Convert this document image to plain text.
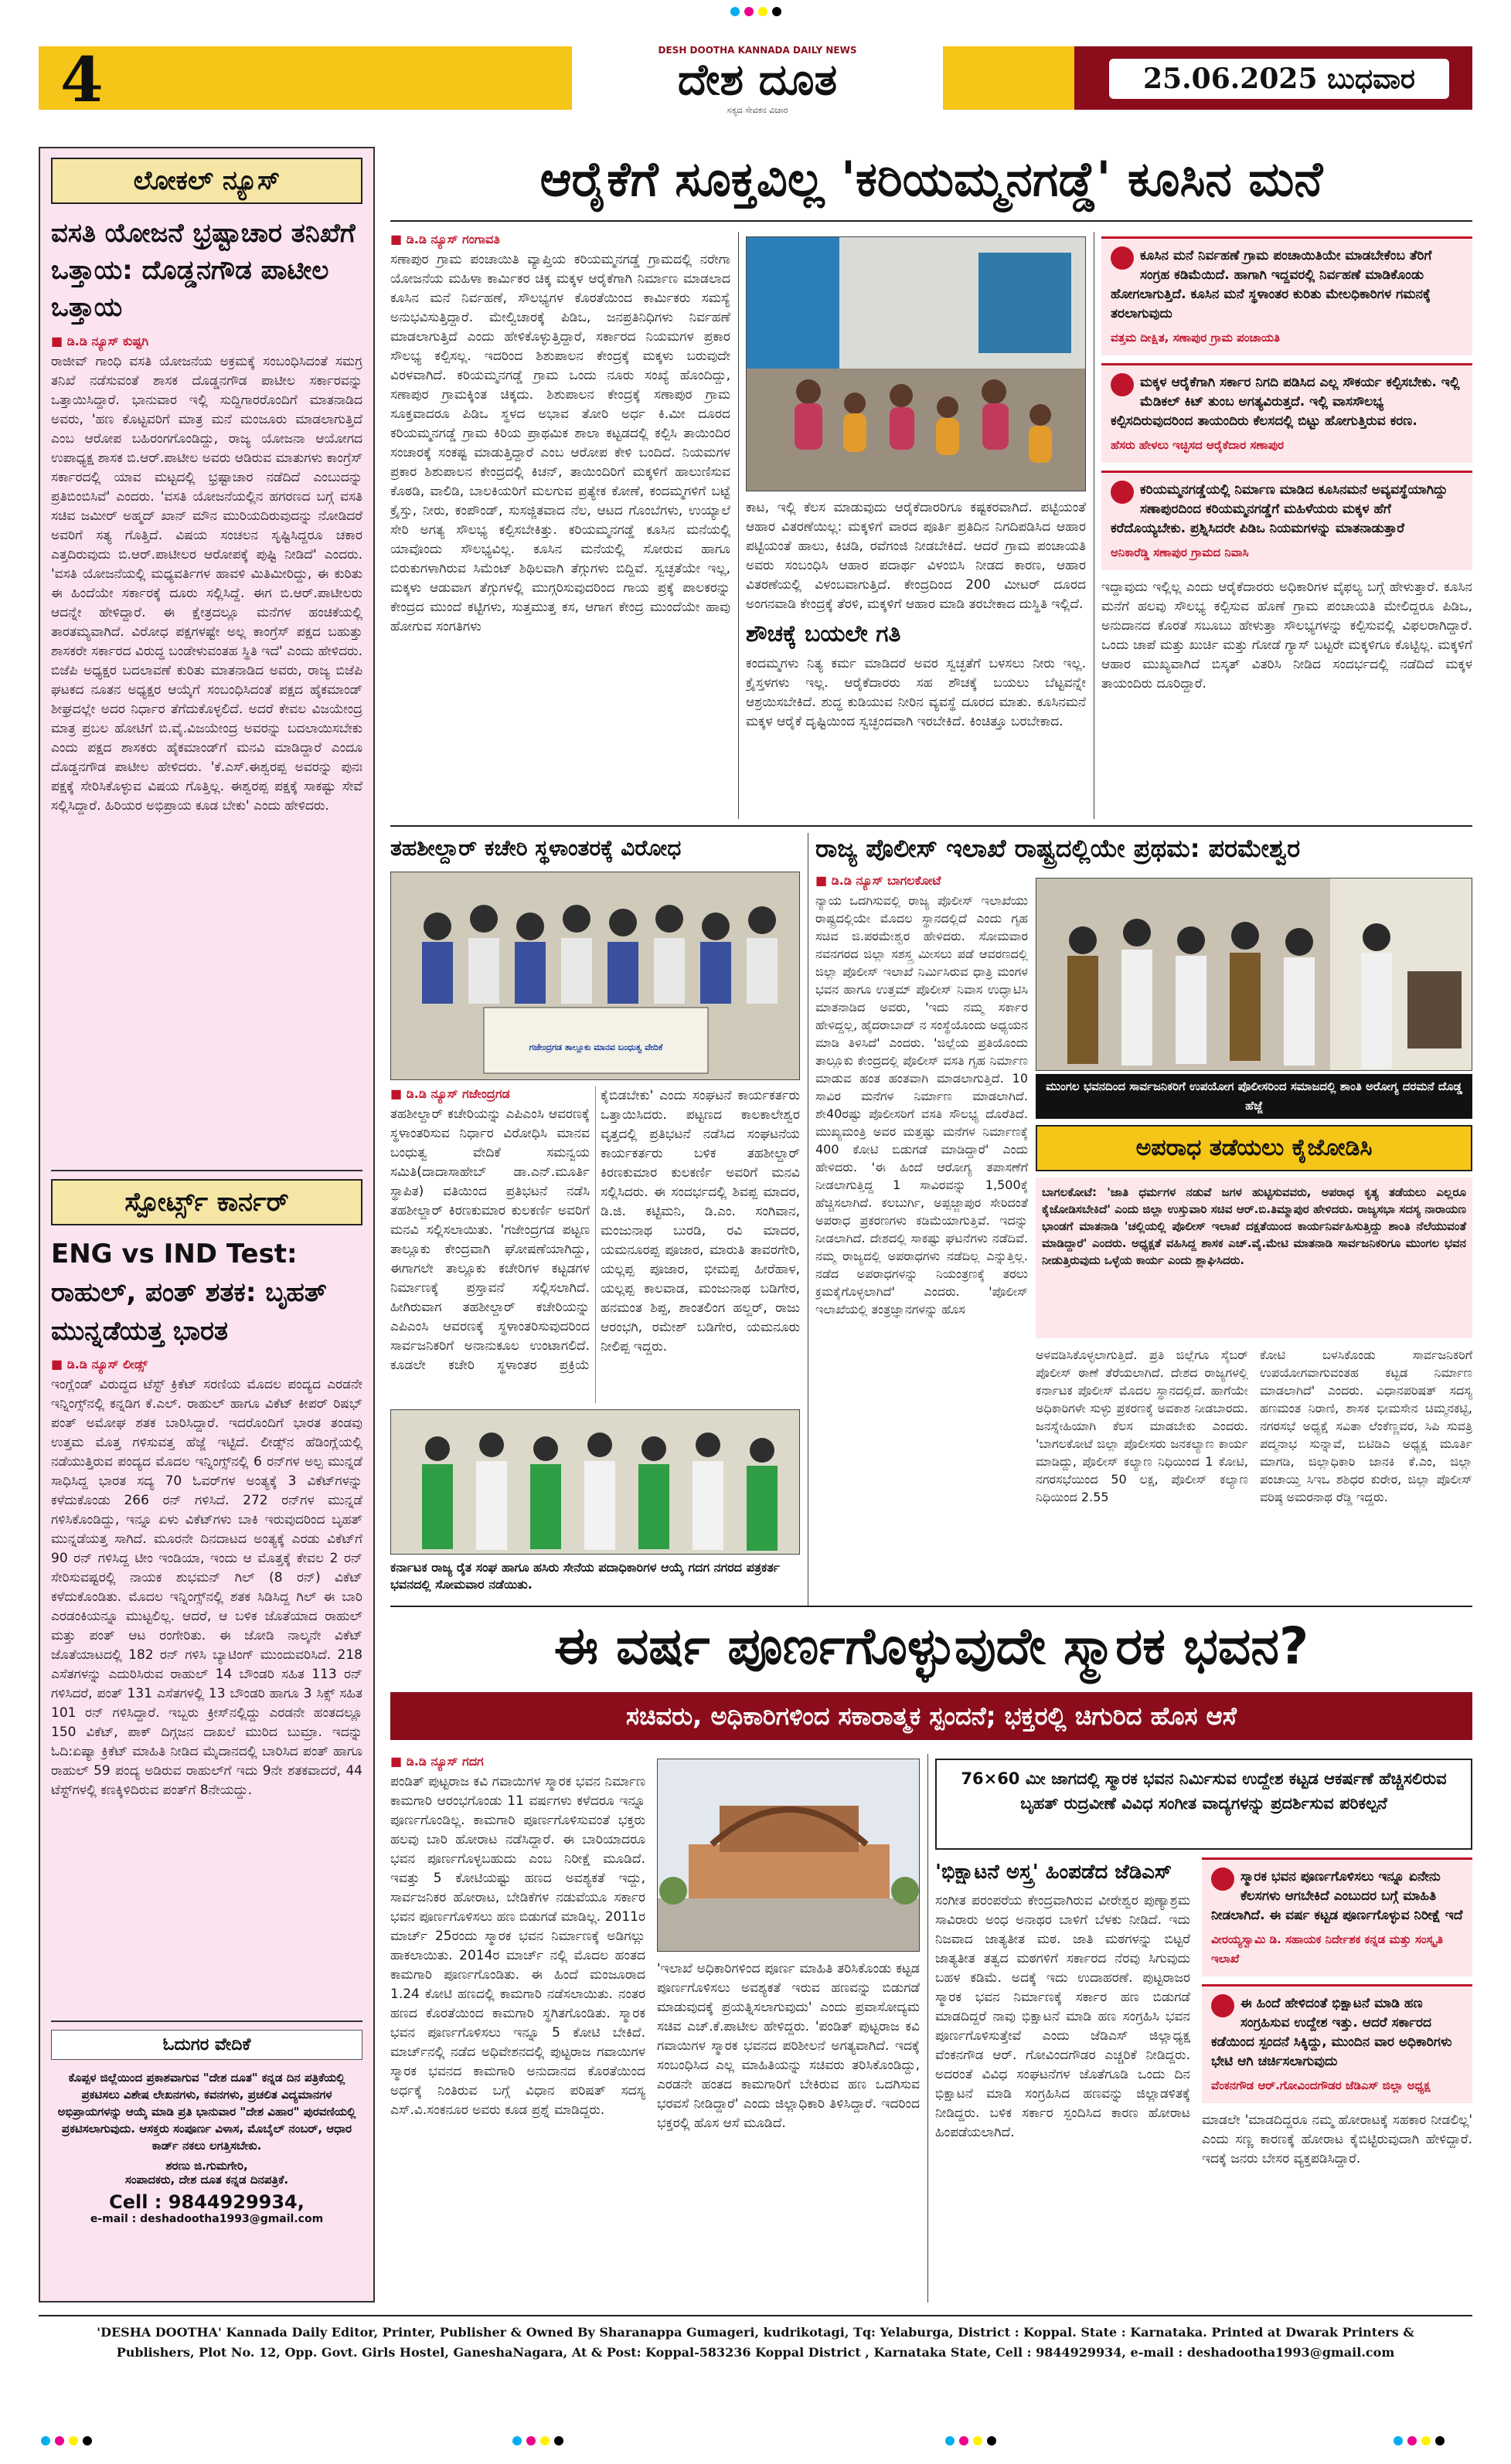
4	DESH DOOTHA KANNADA DAILY NEWS
ದೇಶ ದೂತ
ಸತ್ಯದ ಸೇವಕನ ವಿಚಾರ
25.06.2025 ಬುಧವಾರ
ಲೋಕಲ್ ನ್ಯೂಸ್
ವಸತಿ ಯೋಜನೆ ಭ್ರಷ್ಟಾಚಾರ ತನಿಖೆಗೆ ಒತ್ತಾಯ: ದೊಡ್ಡನಗೌಡ ಪಾಟೀಲ ಒತ್ತಾಯ
■ ಡಿ.ಡಿ ನ್ಯೂಸ್ ಕುಷ್ಟಗಿ
ರಾಜೀವ್ ಗಾಂಧಿ ವಸತಿ ಯೋಜನೆಯ ಅಕ್ರಮಕ್ಕೆ ಸಂಬಂಧಿಸಿದಂತೆ ಸಮಗ್ರ ತನಿಖೆ ನಡೆಸುವಂತೆ ಶಾಸಕ ದೊಡ್ಡನಗೌಡ ಪಾಟೀಲ ಸರ್ಕಾರವನ್ನು ಒತ್ತಾಯಿಸಿದ್ದಾರೆ. ಭಾನುವಾರ ಇಲ್ಲಿ ಸುದ್ದಿಗಾರರೊಂದಿಗೆ ಮಾತನಾಡಿದ ಅವರು, 'ಹಣ ಕೊಟ್ಟವರಿಗೆ ಮಾತ್ರ ಮನೆ ಮಂಜೂರು ಮಾಡಲಾಗುತ್ತಿದೆ ಎಂಬ ಆರೋಪ ಬಹಿರಂಗಗೊಂಡಿದ್ದು, ರಾಜ್ಯ ಯೋಜನಾ ಆಯೋಗದ ಉಪಾಧ್ಯಕ್ಷ ಶಾಸಕ ಬಿ.ಆರ್.ಪಾಟೀಲ ಅವರು ಆಡಿರುವ ಮಾತುಗಳು ಕಾಂಗ್ರೆಸ್ ಸರ್ಕಾರದಲ್ಲಿ ಯಾವ ಮಟ್ಟದಲ್ಲಿ ಭ್ರಷ್ಟಾಚಾರ ನಡೆದಿದೆ ಎಂಬುದನ್ನು ಪ್ರತಿಬಿಂಬಿಸಿವೆ' ಎಂದರು. 'ವಸತಿ ಯೋಜನೆಯಲ್ಲಿನ ಹಗರಣದ ಬಗ್ಗೆ ವಸತಿ ಸಚಿವ ಜಮೀರ್ ಅಹ್ಮದ್ ಖಾನ್ ಮೌನ ಮುರಿಯದಿರುವುದನ್ನು ನೋಡಿದರೆ ಅವರಿಗೆ ಸತ್ಯ ಗೊತ್ತಿದೆ. ವಿಷಯ ಸಂಚಲನ ಸೃಷ್ಟಿಸಿದ್ದರೂ ಚಕಾರ ಎತ್ತದಿರುವುದು ಬಿ.ಆರ್.ಪಾಟೀಲರ ಆರೋಪಕ್ಕೆ ಪುಷ್ಟಿ ನೀಡಿದೆ' ಎಂದರು. 'ವಸತಿ ಯೋಜನೆಯಲ್ಲಿ ಮಧ್ಯವರ್ತಿಗಳ ಹಾವಳಿ ಮಿತಿಮೀರಿದ್ದು, ಈ ಕುರಿತು ಈ ಹಿಂದೆಯೇ ಸರ್ಕಾರಕ್ಕೆ ದೂರು ಸಲ್ಲಿಸಿದ್ದೆ. ಈಗ ಬಿ.ಆರ್.ಪಾಟೀಲರು ಆದನ್ನೇ ಹೇಳಿದ್ದಾರೆ. ಈ ಕ್ಷೇತ್ರದಲ್ಲೂ ಮನೆಗಳ ಹಂಚಿಕೆಯಲ್ಲಿ ತಾರತಮ್ಯವಾಗಿದೆ. ವಿರೋಧ ಪಕ್ಷಗಳಷ್ಟೇ ಅಲ್ಲ ಕಾಂಗ್ರೆಸ್ ಪಕ್ಷದ ಬಹುತ್ತು ಶಾಸಕರೇ ಸರ್ಕಾರದ ವಿರುದ್ಧ ಬಂಡೇಳುವಂತಹ ಸ್ಥಿತಿ ಇದೆ' ಎಂದು ಹೇಳಿದರು. ಬಿಜೆಪಿ ಅಧ್ಯಕ್ಷರ ಬದಲಾವಣೆ ಕುರಿತು ಮಾತನಾಡಿದ ಅವರು, ರಾಜ್ಯ ಬಿಜೆಪಿ ಘಟಕದ ನೂತನ ಅಧ್ಯಕ್ಷರ ಆಯ್ಕೆಗೆ ಸಂಬಂಧಿಸಿದಂತೆ ಪಕ್ಷದ ಹೈಕಮಾಂಡ್ ಶೀಘ್ರದಲ್ಲೇ ಅದರ ನಿರ್ಧಾರ ತೆಗೆದುಕೊಳ್ಳಲಿದೆ. ಅದರೆ ಕೇವಲ ವಿಜಯೇಂದ್ರ ಮಾತ್ರ ಪ್ರಬಲ ಹೋಟಿಗೆ ಬಿ.ವೈ.ವಿಜಯೇಂದ್ರ ಅವರನ್ನು ಬದಲಾಯಿಸಬೇಕು ಎಂದು ಪಕ್ಷದ ಶಾಸಕರು ಹೈಕಮಾಂಡ್‌ಗೆ ಮನವಿ ಮಾಡಿದ್ದಾರೆ ಎಂದೂ ದೊಡ್ಡನಗೌಡ ಪಾಟೀಲ ಹೇಳಿದರು. 'ಕೆ.ಎಸ್.ಈಶ್ವರಪ್ಪ ಅವರನ್ನು ಪುನಃ ಪಕ್ಷಕ್ಕೆ ಸೇರಿಸಿಕೊಳ್ಳುವ ವಿಷಯ ಗೊತ್ತಿಲ್ಲ. ಈಶ್ವರಪ್ಪ ಪಕ್ಷಕ್ಕೆ ಸಾಕಷ್ಟು ಸೇವೆ ಸಲ್ಲಿಸಿದ್ದಾರೆ. ಹಿರಿಯರ ಅಭಿಪ್ರಾಯ ಕೂಡ ಬೇಕು' ಎಂದು ಹೇಳಿದರು.
ಸ್ಪೋರ್ಟ್ಸ್ ಕಾರ್ನರ್
ENG vs IND Test: ರಾಹುಲ್, ಪಂತ್ ಶತಕ: ಬೃಹತ್ ಮುನ್ನಡೆಯತ್ತ ಭಾರತ
■ ಡಿ.ಡಿ ನ್ಯೂಸ್ ಲೀಡ್ಸ್
ಇಂಗ್ಲೆಂಡ್ ವಿರುದ್ಧದ ಟೆಸ್ಟ್ ಕ್ರಿಕೆಟ್ ಸರಣಿಯ ಮೊದಲ ಪಂದ್ಯದ ಎರಡನೇ ಇನ್ನಿಂಗ್ಸ್‌ನಲ್ಲಿ ಕನ್ನಡಿಗ ಕೆ.ಎಲ್. ರಾಹುಲ್ ಹಾಗೂ ವಿಕೆಟ್ ಕೀಪರ್ ರಿಷಭ್ ಪಂತ್ ಅಮೋಘ ಶತಕ ಬಾರಿಸಿದ್ದಾರೆ. ಇದರೊಂದಿಗೆ ಭಾರತ ತಂಡವು ಉತ್ತಮ ಮೊತ್ತ ಗಳಿಸುವತ್ತ ಹೆಜ್ಜೆ ಇಟ್ಟಿದೆ. ಲೀಡ್ಸ್‌ನ ಹೆಡಿಂಗ್ಲೆಯಲ್ಲಿ ನಡೆಯುತ್ತಿರುವ ಪಂದ್ಯದ ಮೊದಲ ಇನ್ನಿಂಗ್ಸ್‌ನಲ್ಲಿ 6 ರನ್‌ಗಳ ಅಲ್ಪ ಮುನ್ನಡೆ ಸಾಧಿಸಿದ್ದ ಭಾರತ ಸದ್ಯ 70 ಓವರ್‌ಗಳ ಅಂತ್ಯಕ್ಕೆ 3 ವಿಕೆಟ್‌ಗಳನ್ನು ಕಳೆದುಕೊಂಡು 266 ರನ್ ಗಳಿಸಿದೆ. 272 ರನ್‌ಗಳ ಮುನ್ನಡೆ ಗಳಿಸಿಕೊಂಡಿದ್ದು, ಇನ್ನೂ ಏಳು ವಿಕೆಟ್‌ಗಳು ಬಾಕಿ ಇರುವುದರಿಂದ ಬೃಹತ್ ಮುನ್ನಡೆಯತ್ತ ಸಾಗಿದೆ. ಮೂರನೇ ದಿನದಾಟದ ಅಂತ್ಯಕ್ಕೆ ಎರಡು ವಿಕೆಟ್‌ಗೆ 90 ರನ್ ಗಳಿಸಿದ್ದ ಟೀಂ ಇಂಡಿಯಾ, ಇಂದು ಆ ಮೊತ್ತಕ್ಕೆ ಕೇವಲ 2 ರನ್ ಸೇರಿಸುವಷ್ಟರಲ್ಲಿ ನಾಯಕ ಶುಭಮನ್ ಗಿಲ್ (8 ರನ್) ವಿಕೆಟ್ ಕಳೆದುಕೊಂಡಿತು. ಮೊದಲ ಇನ್ನಿಂಗ್ಸ್‌ನಲ್ಲಿ ಶತಕ ಸಿಡಿಸಿದ್ದ ಗಿಲ್ ಈ ಬಾರಿ ಎರಡಂಕಿಯನ್ನೂ ಮುಟ್ಟಲಿಲ್ಲ. ಆದರೆ, ಆ ಬಳಿಕ ಜೊತೆಯಾದ ರಾಹುಲ್ ಮತ್ತು ಪಂತ್ ಆಟ ರಂಗೇರಿತು. ಈ ಜೋಡಿ ನಾಲ್ಕನೇ ವಿಕೆಟ್ ಜೊತೆಯಾಟದಲ್ಲಿ 182 ರನ್ ಗಳಿಸಿ ಬ್ಯಾಟಿಂಗ್ ಮುಂದುವರಿಸಿದೆ. 218 ಎಸೆತಗಳನ್ನು ಎದುರಿಸಿರುವ ರಾಹುಲ್ 14 ಬೌಂಡರಿ ಸಹಿತ 113 ರನ್ ಗಳಿಸಿದರೆ, ಪಂತ್ 131 ಎಸೆತಗಳಲ್ಲಿ 13 ಬೌಂಡರಿ ಹಾಗೂ 3 ಸಿಕ್ಸ್ ಸಹಿತ 101 ರನ್ ಗಳಿಸಿದ್ದಾರೆ. ಇಬ್ಬರು ಕ್ರೀಸ್‌ನಲ್ಲಿದ್ದು ಎರಡನೇ ಹಂತದಲ್ಲೂ 150 ವಿಕೆಟ್, ಪಾಕ್ ದಿಗ್ಗಜನ ದಾಖಲೆ ಮುರಿದ ಬುಮ್ರಾ. ಇದನ್ನು ಓದಿ:ಏಷ್ಯಾ ಕ್ರಿಕೆಟ್ ಮಾಹಿತಿ ನೀಡಿದ ಮೈದಾನದಲ್ಲಿ ಬಾರಿಸಿದ ಪಂತ್ ಹಾಗೂ ರಾಹುಲ್ 59 ಪಂದ್ಯ ಅಡಿರುವ ರಾಹುಲ್‌ಗೆ ಇದು 9ನೇ ಶತಕವಾದರೆ, 44 ಟೆಸ್ಟ್‌ಗಳಲ್ಲಿ ಕಣಕ್ಕಿಳಿದಿರುವ ಪಂತ್‌ಗೆ 8ನೇಯದ್ದು.
ಓದುಗರ ವೇದಿಕೆ
ಕೊಪ್ಪಳ ಜಿಲ್ಲೆಯಿಂದ ಪ್ರಕಾಶವಾಗುವ "ದೇಶ ದೂತ" ಕನ್ನಡ ದಿನ ಪತ್ರಿಕೆಯಲ್ಲಿ ಪ್ರಕಟಿಸಲು ವಿಶೇಷ ಲೇಖನಗಳು, ಕವನಗಳು, ಪ್ರಚಲಿತ ವಿದ್ಯಮಾನಗಳ ಅಭಿಪ್ರಾಯಗಳನ್ನು ಆಯ್ಕೆ ಮಾಡಿ ಪ್ರತಿ ಭಾನುವಾರ "ದೇಶ ವಿಹಾರ" ಪುರವಣಿಯಲ್ಲಿ ಪ್ರಕಟಿಸಲಾಗುವುದು. ಆಸಕ್ತರು ಸಂಪೂರ್ಣ ವಿಳಾಸ, ಮೊಬೈಲ್ ನಂಬರ್, ಆಧಾರ ಕಾರ್ಡ್ ನಕಲು ಲಗತ್ತಿಸಬೇಕು.
ಶರಣು ಜಿ.ಗುಮಗೇರಿ,
ಸಂಪಾದಕರು, ದೇಶ ದೂತ ಕನ್ನಡ ದಿನಪತ್ರಿಕೆ.
Cell : 9844929934,
e-mail : deshadootha1993@gmail.com
ಆರೈಕೆಗೆ ಸೂಕ್ತವಿಲ್ಲ 'ಕರಿಯಮ್ಮನಗಡ್ಡೆ' ಕೂಸಿನ ಮನೆ
■ ಡಿ.ಡಿ ನ್ಯೂಸ್ ಗಂಗಾವತಿ
ಸಣಾಪುರ ಗ್ರಾಮ ಪಂಚಾಯಿತಿ ವ್ಯಾಪ್ತಿಯ ಕರಿಯಮ್ಮನಗಡ್ಡೆ ಗ್ರಾಮದಲ್ಲಿ ನರೇಗಾ ಯೋಜನೆಯ ಮಹಿಳಾ ಕಾರ್ಮಿಕರ ಚಿಕ್ಕ ಮಕ್ಕಳ ಆರೈಕೆಗಾಗಿ ನಿರ್ಮಾಣ ಮಾಡಲಾದ ಕೂಸಿನ ಮನೆ ನಿರ್ವಹಣೆ, ಸೌಲಭ್ಯಗಳ ಕೊರತೆಯಿಂದ ಕಾರ್ಮಿಕರು ಸಮಸ್ಯೆ ಅನುಭವಿಸುತ್ತಿದ್ದಾರೆ. ಮೇಲ್ವಿಚಾರಕ್ಕೆ ಪಿಡಿಒ, ಜನಪ್ರತಿನಿಧಿಗಳು ನಿರ್ವಹಣೆ ಮಾಡಲಾಗುತ್ತಿದೆ ಎಂದು ಹೇಳಿಕೊಳ್ಳುತ್ತಿದ್ದಾರೆ, ಸರ್ಕಾರದ ನಿಯಮಗಳ ಪ್ರಕಾರ ಸೌಲಭ್ಯ ಕಲ್ಪಿಸಲ್ಲ. ಇದರಿಂದ ಶಿಶುಪಾಲನ ಕೇಂದ್ರಕ್ಕೆ ಮಕ್ಕಳು ಬರುವುದೇ ವಿರಳವಾಗಿದೆ. ಕರಿಯಮ್ಮನಗಡ್ಡೆ ಗ್ರಾಮ ಒಂದು ನೂರು ಸಂಖ್ಯೆ ಹೊಂದಿದ್ದು, ಸಣಾಪುರ ಗ್ರಾಮಕ್ಕಿಂತ ಚಿಕ್ಕದು. ಶಿಶುಪಾಲನ ಕೇಂದ್ರಕ್ಕೆ ಸಣಾಪುರ ಗ್ರಾಮ ಸೂಕ್ತವಾದರೂ ಪಿಡಿಒ ಸ್ಥಳದ ಅಭಾವ ತೋರಿ ಅರ್ಧ ಕಿ.ಮೀ ದೂರದ ಕರಿಯಮ್ಮನಗಡ್ಡೆ ಗ್ರಾಮ ಕಿರಿಯ ಪ್ರಾಥಮಿಕ ಶಾಲಾ ಕಟ್ಟಡದಲ್ಲಿ ಕಲ್ಪಿಸಿ ತಾಯಿಂದಿರ ಸಂಚಾರಕ್ಕೆ ಸಂಕಷ್ಟ ಮಾಡುತ್ತಿದ್ದಾರೆ ಎಂಬ ಆರೋಪ ಕೇಳಿ ಬಂದಿದೆ. ನಿಯಮಗಳ ಪ್ರಕಾರ ಶಿಶುಪಾಲನ ಕೇಂದ್ರದಲ್ಲಿ ಕಿಚನ್, ತಾಯಿಂದಿರಿಗೆ ಮಕ್ಕಳಿಗೆ ಹಾಲುಣಿಸುವ ಕೊಠಡಿ, ವಾಲಿಡಿ, ಬಾಲಕಿಯರಿಗೆ ಮಲಗುವ ಪ್ರತ್ಯೇಕ ಕೋಣೆ, ಕಂದಮ್ಮಗಳಿಗೆ ಬಟ್ಟೆ ಕ್ರೈಸ್ತು, ನೀರು, ಕಂಪೌಂಡ್, ಸುಸಜ್ಜಿತವಾದ ನೆಲ, ಆಟದ ಗೊಂಬೆಗಳು, ಉಯ್ಯಾಲೆ ಸೇರಿ ಅಗತ್ಯ ಸೌಲಭ್ಯ ಕಲ್ಪಿಸಬೇಕಿತ್ತು. ಕರಿಯಮ್ಮನಗಡ್ಡೆ ಕೂಸಿನ ಮನೆಯಲ್ಲಿ ಯಾವೊಂದು ಸೌಲಭ್ಯವಿಲ್ಲ. ಕೂಸಿನ ಮನೆಯಲ್ಲಿ ಸೋರುವ ಹಾಗೂ ಬಿರುಕುಗಳಾಗಿರುವ ಸಿಮೆಂಟ್ ಶಿಥಿಲವಾಗಿ ತೆಗ್ಗುಗಳು ಬಿದ್ದಿವೆ. ಸ್ವಚ್ಛತೆಯೇ ಇಲ್ಲ, ಮಕ್ಕಳು ಆಡುವಾಗ ತೆಗ್ಗುಗಳಲ್ಲಿ ಮುಗ್ಗರಿಸುವುದರಿಂದ ಗಾಯ ಪ್ರಕ್ಕೆ ಪಾಲಕರನ್ನು ಕೇಂದ್ರದ ಮುಂದೆ ಕಟ್ಟಿಗಳು, ಸುತ್ತಮುತ್ತ ಕಸ, ಆಗಾಗ ಕೇಂದ್ರ ಮುಂದೆಯೇ ಹಾವು ಹೋಗುವ ಸಂಗತಿಗಳು
ಕಾಟ, ಇಲ್ಲಿ ಕೆಲಸ ಮಾಡುವುದು ಆರೈಕೆದಾರರಿಗೂ ಕಷ್ಟಕರವಾಗಿದೆ. ಪಟ್ಟಿಯಂತೆ ಆಹಾರ ವಿತರಣೆಯಿಲ್ಲ: ಮಕ್ಕಳಿಗೆ ವಾರದ ಪೂರ್ತಿ ಪ್ರತಿದಿನ ನಿಗದಿಪಡಿಸಿದ ಆಹಾರ ಪಟ್ಟಿಯಂತೆ ಹಾಲು, ಕಿಚಡಿ, ರವೆಗಂಜಿ ನೀಡಬೇಕಿದೆ. ಆದರೆ ಗ್ರಾಮ ಪಂಚಾಯತಿ ಅವರು ಸಂಬಂಧಿಸಿ ಆಹಾರ ಪದಾರ್ಥ ವಿಳಂಬಿಸಿ ನೀಡದ ಕಾರಣ, ಆಹಾರ ವಿತರಣೆಯಲ್ಲಿ ವಿಳಂಬವಾಗುತ್ತಿದೆ. ಕೇಂದ್ರದಿಂದ 200 ಮೀಟರ್ ದೂರದ ಅಂಗನವಾಡಿ ಕೇಂದ್ರಕ್ಕೆ ತೆರಳಿ, ಮಕ್ಕಳಿಗೆ ಆಹಾರ ಮಾಡಿ ತರಬೇಕಾದ ದುಸ್ಥಿತಿ ಇಲ್ಲಿದೆ.
ಶೌಚಕ್ಕೆ ಬಯಲೇ ಗತಿ
ಕಂದಮ್ಮಗಳು ನಿತ್ಯ ಕರ್ಮ ಮಾಡಿದರೆ ಅವರ ಸ್ವಚ್ಛತೆಗೆ ಬಳಸಲು ನೀರು ಇಲ್ಲ. ಕ್ರೈಸ್ತಳಗಳು ಇಲ್ಲ. ಆರೈಕೆದಾರರು ಸಹ ಶೌಚಕ್ಕೆ ಬಯಲು ಬೆಟ್ಟವನ್ನೇ ಆಶ್ರಯಿಸಬೇಕಿದೆ. ಶುದ್ಧ ಕುಡಿಯುವ ನೀರಿನ ವ್ಯವಸ್ಥೆ ದೂರದ ಮಾತು. ಕೂಸಿನಮನೆ ಮಕ್ಕಳ ಆರೈಕೆ ದೃಷ್ಟಿಯಿಂದ ಸ್ವಚ್ಛಂದವಾಗಿ ಇರಬೇಕಿದೆ. ಕಿಂಚಿತ್ತೂ ಬರಬೇಕಾದ.
ಕೂಸಿನ ಮನೆ ನಿರ್ವಹಣೆ ಗ್ರಾಮ ಪಂಚಾಯಿತಿಯೇ ಮಾಡಬೇಕೆಂಬ ತೆರಿಗೆ ಸಂಗ್ರಹ ಕಡಿಮೆಯಿದೆ. ಹಾಗಾಗಿ ಇದ್ದವರಲ್ಲಿ ನಿರ್ವಹಣೆ ಮಾಡಿಕೊಂಡು ಹೋಗಲಾಗುತ್ತಿದೆ. ಕೂಸಿನ ಮನೆ ಸ್ಥಳಾಂತರ ಕುರಿತು ಮೇಲಧಿಕಾರಿಗಳ ಗಮನಕ್ಕೆ ತರಲಾಗುವುದು
ವತ್ತಮ ದೀಕ್ಷಿತ, ಸಣಾಪುರ ಗ್ರಾಮ ಪಂಚಾಯತಿ
ಮಕ್ಕಳ ಆರೈಕೆಗಾಗಿ ಸರ್ಕಾರ ನಿಗದಿ ಪಡಿಸಿದ ಎಲ್ಲ ಸೌಕರ್ಯ ಕಲ್ಪಿಸಬೇಕು. ಇಲ್ಲಿ ಮೆಡಿಕಲ್ ಕಿಟ್ ತುಂಬ ಅಗತ್ಯವಿರುತ್ತದೆ. ಇಲ್ಲಿ ವಾಸಸೌಲಭ್ಯ ಕಲ್ಪಿಸದಿರುವುದರಿಂದ ತಾಯಂದಿರು ಕೆಲಸದಲ್ಲಿ ಬಿಟ್ಟು ಹೋಗುತ್ತಿರುವ ಕರಣ.
ಹೆಸರು ಹೇಳಲು ಇಚ್ಛಿಸದ ಆರೈಕೆದಾರ ಸಣಾಪುರ
ಕರಿಯಮ್ಮನಗಡ್ಡೆಯಲ್ಲಿ ನಿರ್ಮಾಣ ಮಾಡಿದ ಕೂಸಿನಮನೆ ಅವ್ಯವಸ್ಥೆಯಾಗಿದ್ದು ಸಣಾಪುರದಿಂದ ಕರಿಯಮ್ಮನಗಡ್ಡೆಗೆ ಮಹಿಳೆಯರು ಮಕ್ಕಳ ಹೆಗೆ ಕರೆದೊಯ್ಯಬೇಕು. ಪ್ರಶ್ನಿಸಿದರೇ ಪಿಡಿಒ ನಿಯಮಗಳನ್ನು ಮಾತನಾಡುತ್ತಾರೆ
ಅನಿಕಾರೆಡ್ಡಿ ಸಣಾಪುರ ಗ್ರಾಮದ ನಿವಾಸಿ
ಇದ್ದಾವುದು ಇಲ್ಲಿಲ್ಲ ಎಂದು ಆರೈಕೆದಾರರು ಅಧಿಕಾರಿಗಳ ವೈಫಲ್ಯ ಬಗ್ಗೆ ಹೇಳುತ್ತಾರೆ. ಕೂಸಿನ ಮನೆಗೆ ಹಲವು ಸೌಲಭ್ಯ ಕಲ್ಪಿಸುವ ಹೊಣೆ ಗ್ರಾಮ ಪಂಚಾಯತಿ ಮೇಲಿದ್ದರೂ ಪಿಡಿಒ, ಅನುದಾನದ ಕೊರತೆ ಸಬೂಬು ಹೇಳುತ್ತಾ ಸೌಲಭ್ಯಗಳನ್ನು ಕಲ್ಪಿಸುವಲ್ಲಿ ವಿಫಲರಾಗಿದ್ದಾರೆ. ಒಂದು ಚಾಪೆ ಮತ್ತು ಖುರ್ಚಿ ಮತ್ತು ಗೋಡೆ ಗ್ಯಾಸ್ ಬಟ್ಟರೇ ಮಕ್ಕಳಿಗೂ ಕೊಟ್ಟಿಲ್ಲ. ಮಕ್ಕಳಿಗೆ ಆಹಾರ ಮುಖ್ಯವಾಗಿದೆ ಬಿಸ್ಕತ್ ವಿತರಿಸಿ ನೀಡಿದ ಸಂದರ್ಭದಲ್ಲಿ ನಡೆದಿದೆ ಮಕ್ಕಳ ತಾಯಂದಿರು ದೂರಿದ್ದಾರೆ.
ತಹಶೀಲ್ದಾರ್ ಕಚೇರಿ ಸ್ಥಳಾಂತರಕ್ಕೆ ವಿರೋಧ
ಗಜೇಂದ್ರಗಡ ತಾಲ್ಲೂಕು ಮಾನವ ಬಂಧುತ್ವ ವೇದಿಕೆ
■ ಡಿ.ಡಿ ನ್ಯೂಸ್ ಗಜೇಂದ್ರಗಡ
ತಹಶೀಲ್ದಾರ್ ಕಚೇರಿಯನ್ನು ಎಪಿಎಂಸಿ ಆವರಣಕ್ಕೆ ಸ್ಥಳಾಂತರಿಸುವ ನಿರ್ಧಾರ ವಿರೋಧಿಸಿ ಮಾನವ ಬಂಧುತ್ವ ವೇದಿಕೆ ಸಮನ್ವಯ ಸಮಿತಿ(ದಾದಾಸಾಹೇಬ್ ಡಾ.ಎನ್.ಮೂರ್ತಿ ಸ್ಥಾಪಿತ) ವತಿಯಿಂದ ಪ್ರತಿಭಟನೆ ನಡೆಸಿ ತಹಶೀಲ್ದಾರ್ ಕಿರಣಕುಮಾರ ಕುಲಕರ್ಣಿ ಅವರಿಗೆ ಮನವಿ ಸಲ್ಲಿಸಲಾಯಿತು. 'ಗಜೇಂದ್ರಗಡ ಪಟ್ಟಣ ತಾಲ್ಲೂಕು ಕೇಂದ್ರವಾಗಿ ಘೋಷಣೆಯಾಗಿದ್ದು, ಈಗಾಗಲೇ ತಾಲ್ಲೂಕು ಕಚೇರಿಗಳ ಕಟ್ಟಡಗಳ ನಿರ್ಮಾಣಕ್ಕೆ ಪ್ರಸ್ತಾವನೆ ಸಲ್ಲಿಸಲಾಗಿದೆ. ಹೀಗಿರುವಾಗ ತಹಶೀಲ್ದಾರ್ ಕಚೇರಿಯನ್ನು ಎಪಿಎಂಸಿ ಆವರಣಕ್ಕೆ ಸ್ಥಳಾಂತರಿಸುವುದರಿಂದ ಸಾರ್ವಜನಿಕರಿಗೆ ಅನಾನುಕೂಲ ಉಂಟಾಗಲಿದೆ. ಕೂಡಲೇ ಕಚೇರಿ ಸ್ಥಳಾಂತರ ಪ್ರಕ್ರಿಯೆ ಕೈಬಿಡಬೇಕು' ಎಂದು ಸಂಘಟನೆ ಕಾರ್ಯಕರ್ತರು ಒತ್ತಾಯಿಸಿದರು. ಪಟ್ಟಣದ ಕಾಲಕಾಲೇಶ್ವರ ವೃತ್ತದಲ್ಲಿ ಪ್ರತಿಭಟನೆ ನಡೆಸಿದ ಸಂಘಟನೆಯ ಕಾರ್ಯಕರ್ತರು ಬಳಿಕ ತಹಶೀಲ್ದಾರ್ ಕಿರಣಕುಮಾರ ಕುಲಕರ್ಣಿ ಅವರಿಗೆ ಮನವಿ ಸಲ್ಲಿಸಿದರು. ಈ ಸಂದರ್ಭದಲ್ಲಿ ಶಿವಪ್ಪ ಮಾದರ, ಡಿ.ಜಿ. ಕಟ್ಟಿಮನಿ, ಡಿ.ಎಂ. ಸಂಗಿವಾನ, ಮಂಜುನಾಥ ಬುರಡಿ, ರವಿ ಮಾದರ, ಯಮನೂರಪ್ಪ ಪೂಜಾರ, ಮಾರುತಿ ತಾವರಗೇರಿ, ಯಲ್ಲಪ್ಪ ಪೂಜಾರ, ಭೀಮಪ್ಪ ಹೀರೆಹಾಳ, ಯಲ್ಲಪ್ಪ ಕಾಲವಾಡ, ಮಂಜುನಾಥ ಬಡಿಗೇರ, ಹನಮಂತ ಶಿಪ್ಪ, ಶಾಂತಲಿಂಗ ಹಲ್ದರ್, ರಾಜು ಆರಂಭಗಿ, ರಮೇಶ್ ಬಡಿಗೇರ, ಯಮನೂರು ನೀಲಿಪ್ಪ ಇದ್ದರು.
ಕರ್ನಾಟಕ ರಾಜ್ಯ ರೈತ ಸಂಘ ಹಾಗೂ ಹಸಿರು ಸೇನೆಯ ಪದಾಧಿಕಾರಿಗಳ ಆಯ್ಕೆ ಗದಗ ನಗರದ ಪತ್ರಕರ್ತ ಭವನದಲ್ಲಿ ಸೋಮವಾರ ನಡೆಯಿತು.
ರಾಜ್ಯ ಪೊಲೀಸ್ ಇಲಾಖೆ ರಾಷ್ಟ್ರದಲ್ಲಿಯೇ ಪ್ರಥಮ: ಪರಮೇಶ್ವರ
■ ಡಿ.ಡಿ ನ್ಯೂಸ್ ಬಾಗಲಕೋಟೆ
ನ್ಯಾಯ ಒದಗಿಸುವಲ್ಲಿ ರಾಜ್ಯ ಪೊಲೀಸ್ ಇಲಾಖೆಯು ರಾಷ್ಟ್ರದಲ್ಲಿಯೇ ಮೊದಲ ಸ್ಥಾನದಲ್ಲಿದೆ ಎಂದು ಗೃಹ ಸಚಿವ ಜಿ.ಪರಮೇಶ್ವರ ಹೇಳಿದರು. ಸೋಮವಾರ ನವನಗರದ ಜಿಲ್ಲಾ ಸಶಸ್ತ್ರ ಮೀಸಲು ಪಡೆ ಆವರಣದಲ್ಲಿ ಜಿಲ್ಲಾ ಪೊಲೀಸ್ ಇಲಾಖೆ ನಿರ್ಮಿಸಿರುವ ಧಾತ್ರಿ ಮಂಗಳ ಭವನ ಹಾಗೂ ಉತ್ತಮ್ ಪೊಲೀಸ್ ನಿವಾಸ ಉದ್ಘಾಟಿಸಿ ಮಾತನಾಡಿದ ಅವರು, 'ಇದು ನಮ್ಮ ಸರ್ಕಾರ ಹೇಳಿದ್ದಲ್ಲ, ಹೈದರಾಬಾದ್ ನ ಸಂಸ್ಥೆಯೊಂದು ಅಧ್ಯಯನ ಮಾಡಿ ತಿಳಿಸಿದೆ' ಎಂದರು. 'ಜಿಲ್ಲೆಯ ಪ್ರತಿಯೊಂದು ತಾಲ್ಲೂಕು ಕೇಂದ್ರದಲ್ಲಿ ಪೊಲೀಸ್ ವಸತಿ ಗೃಹ ನಿರ್ಮಾಣ ಮಾಡುವ ಹಂತ ಹಂತವಾಗಿ ಮಾಡಲಾಗುತ್ತಿದೆ. 10 ಸಾವಿರ ಮನೆಗಳ ನಿರ್ಮಾಣ ಮಾಡಲಾಗಿದೆ. ಶೇ40ರಷ್ಟು ಪೊಲೀಸರಿಗೆ ವಸತಿ ಸೌಲಭ್ಯ ದೊರೆತಿದೆ. ಮುಖ್ಯಮಂತ್ರಿ ಅವರ ಮತ್ತಷ್ಟು ಮನೆಗಳ ನಿರ್ಮಾಣಕ್ಕೆ 400 ಕೋಟಿ ಬಿಡುಗಡೆ ಮಾಡಿದ್ದಾರೆ' ಎಂದು ಹೇಳಿದರು. 'ಈ ಹಿಂದೆ ಆರೋಗ್ಯ ತಪಾಸಣೆಗೆ ನೀಡಲಾಗುತ್ತಿದ್ದ 1 ಸಾವಿರವನ್ನು 1,500ಕ್ಕೆ ಹೆಚ್ಚಿಸಲಾಗಿದೆ. ಕಲಬುರ್ಗಿ, ಅಪ್ಪಜ್ಜಾಪುರ ಸೇರಿದಂತೆ ಅಪರಾಧ ಪ್ರಕರಣಗಳು ಕಡಿಮೆಯಾಗುತ್ತಿವೆ. ಇದನ್ನು ನೀಡಲಾಗಿದೆ. ದೇಶದಲ್ಲಿ ಸಾಕಷ್ಟು ಘಟನೆಗಳು ನಡೆದಿವೆ. ನಮ್ಮ ರಾಜ್ಯದಲ್ಲಿ ಅಪರಾಧಗಳು ನಡೆದಿಲ್ಲ ಎನ್ನುತ್ತಿಲ್ಲ. ನಡೆದ ಅಪರಾಧಗಳನ್ನು ನಿಯಂತ್ರಣಕ್ಕೆ ತರಲು ಕ್ರಮಕೈಗೊಳ್ಳಲಾಗಿದೆ' ಎಂದರು. 'ಪೊಲೀಸ್ ಇಲಾಖೆಯಲ್ಲಿ ತಂತ್ರಜ್ಞಾನಗಳನ್ನು ಹೊಸ
ಮುಂಗಲ ಭವನದಿಂದ ಸಾರ್ವಜನಿಕರಿಗೆ ಉಪಯೋಗ ಪೊಲೀಸರಿಂದ ಸಮಾಜದಲ್ಲಿ ಶಾಂತಿ ಅರೋಗ್ಯ ದರಮನೆ ದೊಡ್ಡ ಹೆಜ್ಜೆ
ಅಪರಾಧ ತಡೆಯಲು ಕೈಜೋಡಿಸಿ
ಬಾಗಲಕೋಟೆ: 'ಜಾತಿ ಧರ್ಮಗಳ ನಡುವೆ ಜಗಳ ಹುಟ್ಟಿಸುವವರು, ಅಪರಾಧ ಕೃತ್ಯ ತಡೆಯಲು ಎಲ್ಲರೂ ಕೈಜೋಡಿಸಬೇಕಿದೆ' ಎಂದು ಜಿಲ್ಲಾ ಉಸ್ತುವಾರಿ ಸಚಿವ ಆರ್.ಬಿ.ತಿಮ್ಮಾಪುರ ಹೇಳಿದರು. ರಾಜ್ಯಸಭಾ ಸದಸ್ಯ ನಾರಾಯಣ ಭಾಂಡಗೆ ಮಾತನಾಡಿ 'ಚಲ್ಲಿಯಲ್ಲಿ ಪೊಲೀಸ್ ಇಲಾಖೆ ದಕ್ಷತೆಯಿಂದ ಕಾರ್ಯನಿರ್ವಹಿಸುತ್ತಿದ್ದು ಶಾಂತಿ ನೆಲೆಯುವಂತೆ ಮಾಡಿದ್ದಾರೆ' ಎಂದರು. ಅಧ್ಯಕ್ಷತೆ ವಹಿಸಿದ್ದ ಶಾಸಕ ಎಚ್.ವೈ.ಮೇಟಿ ಮಾತನಾಡಿ ಸಾರ್ವಜನಿಕರಿಗೂ ಮುಂಗಲ ಭವನ ನೀಡುತ್ತಿರುವುದು ಒಳ್ಳೆಯ ಕಾರ್ಯ ಎಂದು ಶ್ಲಾಘಿಸಿದರು.
ಅಳವಡಿಸಿಕೊಳ್ಳಲಾಗುತ್ತಿದೆ. ಪ್ರತಿ ಜಿಲ್ಲೆಗೂ ಸೈಬರ್ ಪೊಲೀಸ್ ಠಾಣೆ ತೆರೆಯಲಾಗಿದೆ. ದೇಶದ ರಾಜ್ಯಗಳಲ್ಲಿ ಕರ್ನಾಟಕ ಪೊಲೀಸ್ ಮೊದಲ ಸ್ಥಾನದಲ್ಲಿದೆ. ಹಾಗೆಯೇ ಅಧಿಕಾರಿಗಳೇ ಸುಳ್ಳು ಪ್ರಕರಣಕ್ಕೆ ಅವಕಾಶ ನೀಡಬಾರದು. ಜನಸ್ನೇಹಿಯಾಗಿ ಕೆಲಸ ಮಾಡಬೇಕು ಎಂದರು. 'ಬಾಗಲಕೋಟೆ ಜಿಲ್ಲಾ ಪೊಲೀಸರು ಜನಕಲ್ಯಾಣ ಕಾರ್ಯ ಮಾಡಿದ್ದು, ಪೊಲೀಸ್ ಕಲ್ಯಾಣ ನಿಧಿಯಿಂದ 1 ಕೋಟಿ, ನಗರಸಭೆಯಿಂದ 50 ಲಕ್ಷ, ಪೊಲೀಸ್ ಕಲ್ಯಾಣ ನಿಧಿಯಿಂದ 2.55
ಕೋಟಿ ಬಳಸಿಕೊಂಡು ಸಾರ್ವಜನಿಕರಿಗೆ ಉಪಯೋಗವಾಗುವಂತಹ ಕಟ್ಟಡ ನಿರ್ಮಾಣ ಮಾಡಲಾಗಿದೆ' ಎಂದರು. ವಿಧಾನಪರಿಷತ್ ಸದಸ್ಯ ಹಣಮಂತ ನಿರಾಣಿ, ಶಾಸಕ ಭೀಮಸೇನ ಚಿಮ್ಮನಕಟ್ಟಿ, ನಗರಸಭೆ ಅಧ್ಯಕ್ಷೆ ಸವಿತಾ ಲೆಂಕೆಣ್ಣವರ, ಸಿಪಿ ಸುವತ್ರಿ ಪದ್ಮನಾಭ ಸುನ್ನಾವೆ, ಬಿಟಿಡಿಎ ಅಧ್ಯಕ್ಷ ಮೂರ್ತಿ ಮಾಗಡಿ, ಜಿಲ್ಲಾಧಿಕಾರಿ ಜಾನಕಿ ಕೆ.ಎಂ, ಜಿಲ್ಲಾ ಪಂಚಾಯ್ತಿ ಸಿಇಒ ಶಶಿಧರ ಕುರೇರ, ಜಿಲ್ಲಾ ಪೊಲೀಸ್ ವರಿಷ್ಠ ಅಮರನಾಥ ರೆಡ್ಡಿ ಇದ್ದರು.
ಈ ವರ್ಷ ಪೂರ್ಣಗೊಳ್ಳುವುದೇ ಸ್ಮಾರಕ ಭವನ?
ಸಚಿವರು, ಅಧಿಕಾರಿಗಳಿಂದ ಸಕಾರಾತ್ಮಕ ಸ್ಪಂದನೆ; ಭಕ್ತರಲ್ಲಿ ಚಿಗುರಿದ ಹೊಸ ಆಸೆ
■ ಡಿ.ಡಿ ನ್ಯೂಸ್ ಗದಗ
ಪಂಡಿತ್ ಪುಟ್ಟರಾಜ ಕವಿ ಗವಾಯಿಗಳ ಸ್ಮಾರಕ ಭವನ ನಿರ್ಮಾಣ ಕಾಮಗಾರಿ ಆರಂಭಗೊಂಡು 11 ವರ್ಷಗಳು ಕಳೆದರೂ ಇನ್ನೂ ಪೂರ್ಣಗೊಂಡಿಲ್ಲ. ಕಾಮಗಾರಿ ಪೂರ್ಣಗೊಳಿಸುವಂತೆ ಭಕ್ತರು ಹಲವು ಬಾರಿ ಹೋರಾಟ ನಡೆಸಿದ್ದಾರೆ. ಈ ಬಾರಿಯಾದರೂ ಭವನ ಪೂರ್ಣಗೊಳ್ಳಬಹುದು ಎಂಬ ನಿರೀಕ್ಷೆ ಮೂಡಿದೆ. ಇವತ್ತು 5 ಕೋಟಿಯಷ್ಟು ಹಣದ ಅವಶ್ಯಕತೆ ಇದ್ದು, ಸಾರ್ವಜನಿಕರ ಹೋರಾಟ, ಬೇಡಿಕೆಗಳ ನಡುವೆಯೂ ಸರ್ಕಾರ ಭವನ ಪೂರ್ಣಗೊಳಿಸಲು ಹಣ ಬಿಡುಗಡೆ ಮಾಡಿಲ್ಲ. 2011ರ ಮಾರ್ಚ್ 25ರಂದು ಸ್ಮಾರಕ ಭವನ ನಿರ್ಮಾಣಕ್ಕೆ ಅಡಿಗಲ್ಲು ಹಾಕಲಾಯಿತು. 2014ರ ಮಾರ್ಚ್ ನಲ್ಲಿ ಮೊದಲ ಹಂತದ ಕಾಮಗಾರಿ ಪೂರ್ಣಗೊಂಡಿತು. ಈ ಹಿಂದೆ ಮಂಜೂರಾದ 1.24 ಕೋಟಿ ಹಣದಲ್ಲಿ ಕಾಮಗಾರಿ ನಡೆಸಲಾಯಿತು. ನಂತರ ಹಣದ ಕೊರತೆಯಿಂದ ಕಾಮಗಾರಿ ಸ್ಥಗಿತಗೊಂಡಿತು. ಸ್ಮಾರಕ ಭವನ ಪೂರ್ಣಗೊಳಿಸಲು ಇನ್ನೂ 5 ಕೋಟಿ ಬೇಕಿದೆ. ಮಾರ್ಚ್‌ನಲ್ಲಿ ನಡೆದ ಅಧಿವೇಶನದಲ್ಲಿ ಪುಟ್ಟರಾಜ ಗವಾಯಿಗಳ ಸ್ಮಾರಕ ಭವನದ ಕಾಮಗಾರಿ ಅನುದಾನದ ಕೊರತೆಯಿಂದ ಅರ್ಧಕ್ಕೆ ನಿಂತಿರುವ ಬಗ್ಗೆ ವಿಧಾನ ಪರಿಷತ್ ಸದಸ್ಯ ಎಸ್.ವಿ.ಸಂಕನೂರ ಅವರು ಕೂಡ ಪ್ರಶ್ನೆ ಮಾಡಿದ್ದರು.
'ಇಲಾಖೆ ಅಧಿಕಾರಿಗಳಿಂದ ಪೂರ್ಣ ಮಾಹಿತಿ ತರಿಸಿಕೊಂಡು ಕಟ್ಟಡ ಪೂರ್ಣಗೊಳಿಸಲು ಅವಶ್ಯಕತೆ ಇರುವ ಹಣವನ್ನು ಬಿಡುಗಡೆ ಮಾಡುವುದಕ್ಕೆ ಪ್ರಯತ್ನಿಸಲಾಗುವುದು' ಎಂದು ಪ್ರವಾಸೋದ್ಯಮ ಸಚಿವ ಎಚ್.ಕೆ.ಪಾಟೀಲ ಹೇಳಿದ್ದರು. 'ಪಂಡಿತ್ ಪುಟ್ಟರಾಜ ಕವಿ ಗವಾಯಿಗಳ ಸ್ಮಾರಕ ಭವನದ ಪರಿಶೀಲನೆ ಅಗತ್ಯವಾಗಿದೆ. ಇದಕ್ಕೆ ಸಂಬಂಧಿಸಿದ ಎಲ್ಲ ಮಾಹಿತಿಯನ್ನು ಸಚಿವರು ತರಿಸಿಕೊಂಡಿದ್ದು, ಎರಡನೇ ಹಂತದ ಕಾಮಗಾರಿಗೆ ಬೇಕಿರುವ ಹಣ ಒದಗಿಸುವ ಭರವಸೆ ನೀಡಿದ್ದಾರೆ' ಎಂದು ಜಿಲ್ಲಾಧಿಕಾರಿ ತಿಳಿಸಿದ್ದಾರೆ. ಇದರಿಂದ ಭಕ್ತರಲ್ಲಿ ಹೊಸ ಆಸೆ ಮೂಡಿದೆ.
76×60 ಮೀ ಜಾಗದಲ್ಲಿ ಸ್ಮಾರಕ ಭವನ ನಿರ್ಮಿಸುವ ಉದ್ದೇಶ ಕಟ್ಟಡ ಆಕರ್ಷಣೆ ಹೆಚ್ಚಿಸಲಿರುವ ಬೃಹತ್ ರುದ್ರವೀಣೆ ವಿವಿಧ ಸಂಗೀತ ವಾದ್ಯಗಳನ್ನು ಪ್ರದರ್ಶಿಸುವ ಪರಿಕಲ್ಪನೆ
'ಭಿಕ್ಷಾಟನೆ ಅಸ್ತ್ರ' ಹಿಂಪಡೆದ ಜೆಡಿಎಸ್
ಸಂಗೀತ ಪರಂಪರೆಯ ಕೇಂದ್ರವಾಗಿರುವ ವೀರೇಶ್ವರ ಪುಣ್ಯಾಶ್ರಮ ಸಾವಿರಾರು ಅಂಧ ಅನಾಥರ ಬಾಳಿಗೆ ಬೆಳಕು ನೀಡಿದೆ. ಇದು ನಿಜವಾದ ಜಾತ್ಯತೀತ ಮಠ. ಜಾತಿ ಮಠಗಳನ್ನು ಬಿಟ್ಟರೆ ಜಾತ್ಯತೀತ ತತ್ವದ ಮಠಗಳಿಗೆ ಸರ್ಕಾರದ ನೆರವು ಸಿಗುವುದು ಬಹಳ ಕಡಿಮೆ. ಅದಕ್ಕೆ ಇದು ಉದಾಹರಣೆ. ಪುಟ್ಟರಾಜರ ಸ್ಮಾರಕ ಭವನ ನಿರ್ಮಾಣಕ್ಕೆ ಸರ್ಕಾರ ಹಣ ಬಿಡುಗಡೆ ಮಾಡದಿದ್ದರೆ ನಾವು ಭಿಕ್ಷಾಟನೆ ಮಾಡಿ ಹಣ ಸಂಗ್ರಹಿಸಿ ಭವನ ಪೂರ್ಣಗೊಳಿಸುತ್ತೇವೆ ಎಂದು ಜೆಡಿಎಸ್ ಜಿಲ್ಲಾಧ್ಯಕ್ಷ ವೆಂಕನಗೌಡ ಆರ್. ಗೋವಿಂದಗೌಡರ ಎಚ್ಚರಿಕೆ ನೀಡಿದ್ದರು. ಅದರಂತೆ ವಿವಿಧ ಸಂಘಟನೆಗಳ ಜೊತೆಗೂಡಿ ಒಂದು ದಿನ ಭಿಕ್ಷಾಟನೆ ಮಾಡಿ ಸಂಗ್ರಹಿಸಿದ ಹಣವನ್ನು ಜಿಲ್ಲಾಡಳಿತಕ್ಕೆ ನೀಡಿದ್ದರು. ಬಳಿಕ ಸರ್ಕಾರ ಸ್ಪಂದಿಸಿದ ಕಾರಣ ಹೋರಾಟ ಹಿಂಪಡೆಯಲಾಗಿದೆ.
ಸ್ಮಾರಕ ಭವನ ಪೂರ್ಣಗೊಳಿಸಲು ಇನ್ನೂ ಏನೇನು ಕೆಲಸಗಳು ಆಗಬೇಕಿದೆ ಎಂಬುದರ ಬಗ್ಗೆ ಮಾಹಿತಿ ನೀಡಲಾಗಿದೆ. ಈ ವರ್ಷ ಕಟ್ಟಡ ಪೂರ್ಣಗೊಳ್ಳುವ ನಿರೀಕ್ಷೆ ಇದೆ
ವೀರಯ್ಯಸ್ವಾಮಿ ಡಿ. ಸಹಾಯಕ ನಿರ್ದೇಶಕ ಕನ್ನಡ ಮತ್ತು ಸಂಸ್ಕೃತಿ ಇಲಾಖೆ
ಈ ಹಿಂದೆ ಹೇಳಿದಂತೆ ಭಿಕ್ಷಾಟನೆ ಮಾಡಿ ಹಣ ಸಂಗ್ರಹಿಸುವ ಉದ್ದೇಶ ಇತ್ತು. ಆದರೆ ಸರ್ಕಾರದ ಕಡೆಯಿಂದ ಸ್ಪಂದನೆ ಸಿಕ್ಕಿದ್ದು, ಮುಂದಿನ ವಾರ ಅಧಿಕಾರಿಗಳು ಭೇಟಿ ಆಗಿ ಚರ್ಚಿಸಲಾಗುವುದು
ವೆಂಕನಗೌಡ ಆರ್.ಗೋವಿಂದಗೌಡರ ಜೆಡಿಎಸ್ ಜಿಲ್ಲಾ ಅಧ್ಯಕ್ಷ
ಮಾಡಲೇ 'ಮಾಡದಿದ್ದರೂ ನಮ್ಮ ಹೋರಾಟಕ್ಕೆ ಸಹಕಾರ ನೀಡಲಿಲ್ಲ' ಎಂದು ಸಣ್ಣ ಕಾರಣಕ್ಕೆ ಹೋರಾಟ ಕೈಬಿಟ್ಟಿರುವುದಾಗಿ ಹೇಳಿದ್ದಾರೆ. ಇದಕ್ಕೆ ಜನರು ಬೇಸರ ವ್ಯಕ್ತಪಡಿಸಿದ್ದಾರೆ.
'DESHA DOOTHA' Kannada Daily Editor, Printer, Publisher & Owned By Sharanappa Gumageri, kudrikotagi, Tq: Yelaburga, District : Koppal. State : Karnataka. Printed at Dwarak Printers &
Publishers, Plot No. 12, Opp. Govt. Girls Hostel, GaneshaNagara, At & Post: Koppal-583236 Koppal District , Karnataka State, Cell : 9844929934, e-mail : deshadootha1993@gmail.com
